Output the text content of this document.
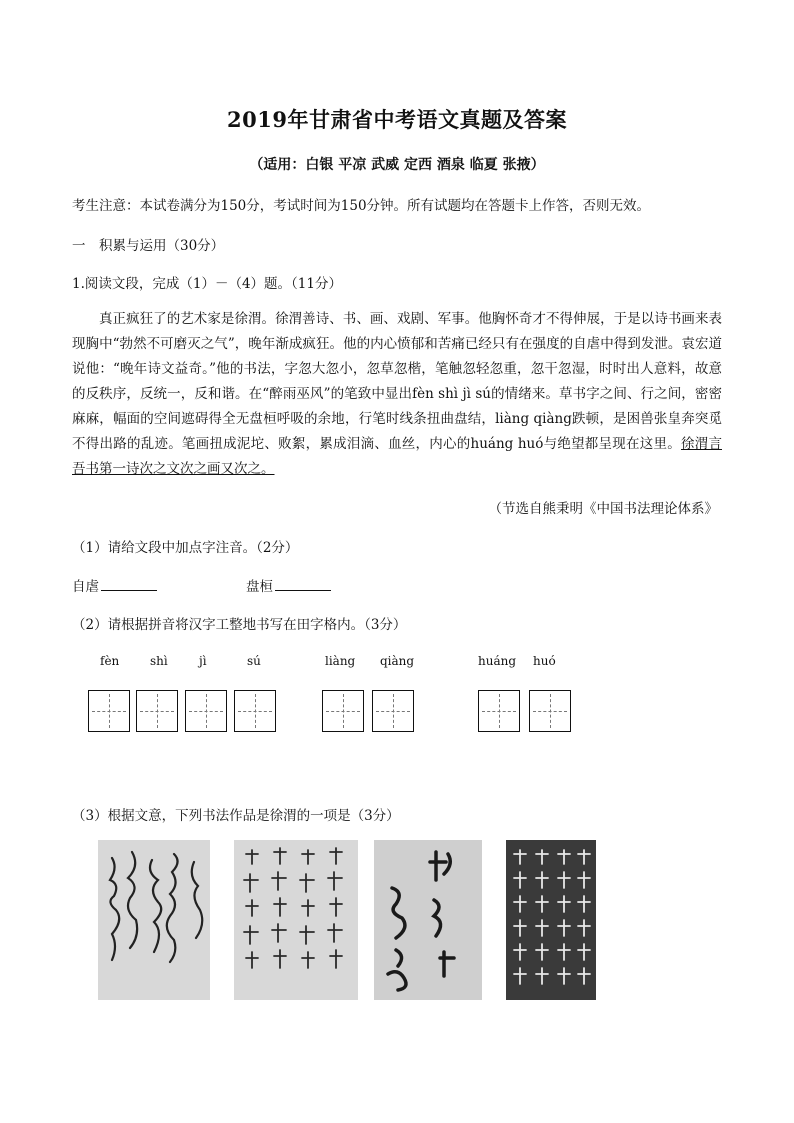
2019年甘肃省中考语文真题及答案
（适用：白银 平凉 武威 定西 酒泉 临夏 张掖）
考生注意：本试卷满分为150分，考试时间为150分钟。所有试题均在答题卡上作答，否则无效。
一　积累与运用（30分）
1.阅读文段，完成（1）－（4）题。（11分）

真正疯狂了的艺术家是徐渭。徐渭善诗、书、画、戏剧、军事。他胸怀奇才不得伸展，于是以诗书画来表现胸中“勃然不可磨灭之气”，晚年渐成疯狂。他的内心愤郁和苦痛已经只有在强度的自虐中得到发泄。袁宏道说他：“晚年诗文益奇。”他的书法，字忽大忽小，忽草忽楷，笔触忽轻忽重，忽干忽湿，时时出人意料，故意的反秩序，反统一，反和谐。在“醉雨巫风”的笔致中显出fèn shì jì sú的情绪来。草书字之间、行之间，密密麻麻，幅面的空间遮碍得全无盘桓呼吸的余地，行笔时线条扭曲盘结，liàng qiàng跌顿，是困兽张皇奔突觅不得出路的乱迹。笔画扭成泥坨、败絮，累成泪滴、血丝，内心的huáng huó与绝望都呈现在这里。徐渭言吾书第一诗次之文次之画又次之。

（节选自熊秉明《中国书法理论体系》
（1）请给文段中加点字注音。（2分）
自虐	盘桓
（2）请根据拼音将汉字工整地书写在田字格内。（3分）
fèn	shì	jì	sú	liàng qiàng	huáng huó
（3）根据文意，下列书法作品是徐渭的一项是（3分）
